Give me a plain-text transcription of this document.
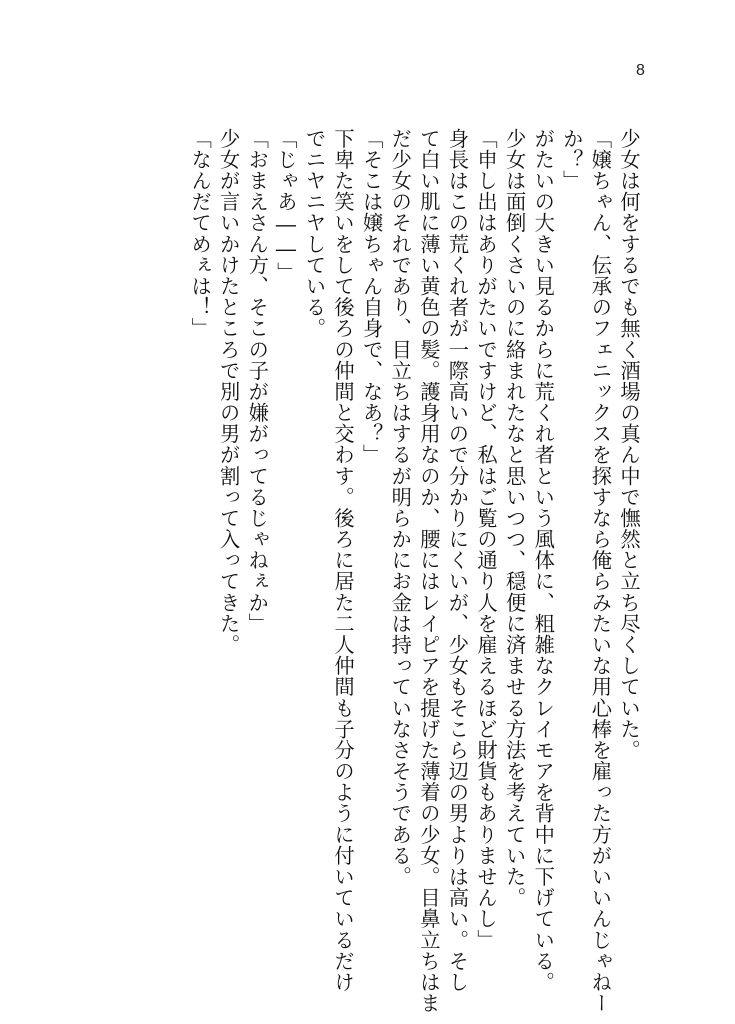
8
少女は何をするでも無く酒場の真ん中で憮然と立ち尽くしていた。
「嬢ちゃん、伝承のフェニックスを探すなら俺らみたいな用心棒を雇った方がいいんじゃねー
か？」
がたいの大きい見るからに荒くれ者という風体に、粗雑なクレイモアを背中に下げている。
少女は面倒くさいのに絡まれたなと思いつつ、穏便に済ませる方法を考えていた。
「申し出はありがたいですけど、私はご覧の通り人を雇えるほど財貨もありませんし」
身長はこの荒くれ者が一際高いので分かりにくいが、少女もそこら辺の男よりは高い。そし
て白い肌に薄い黄色の髪。護身用なのか、腰にはレイピアを提げた薄着の少女。目鼻立ちはま
だ少女のそれであり、目立ちはするが明らかにお金は持っていなさそうである。
「そこは嬢ちゃん自身で、なあ？」
下卑た笑いをして後ろの仲間と交わす。後ろに居た二人仲間も子分のように付いているだけ
でニヤニヤしている。
「じゃあ――」
「おまえさん方、そこの子が嫌がってるじゃねぇか」
少女が言いかけたところで別の男が割って入ってきた。
「なんだてめぇは！」
